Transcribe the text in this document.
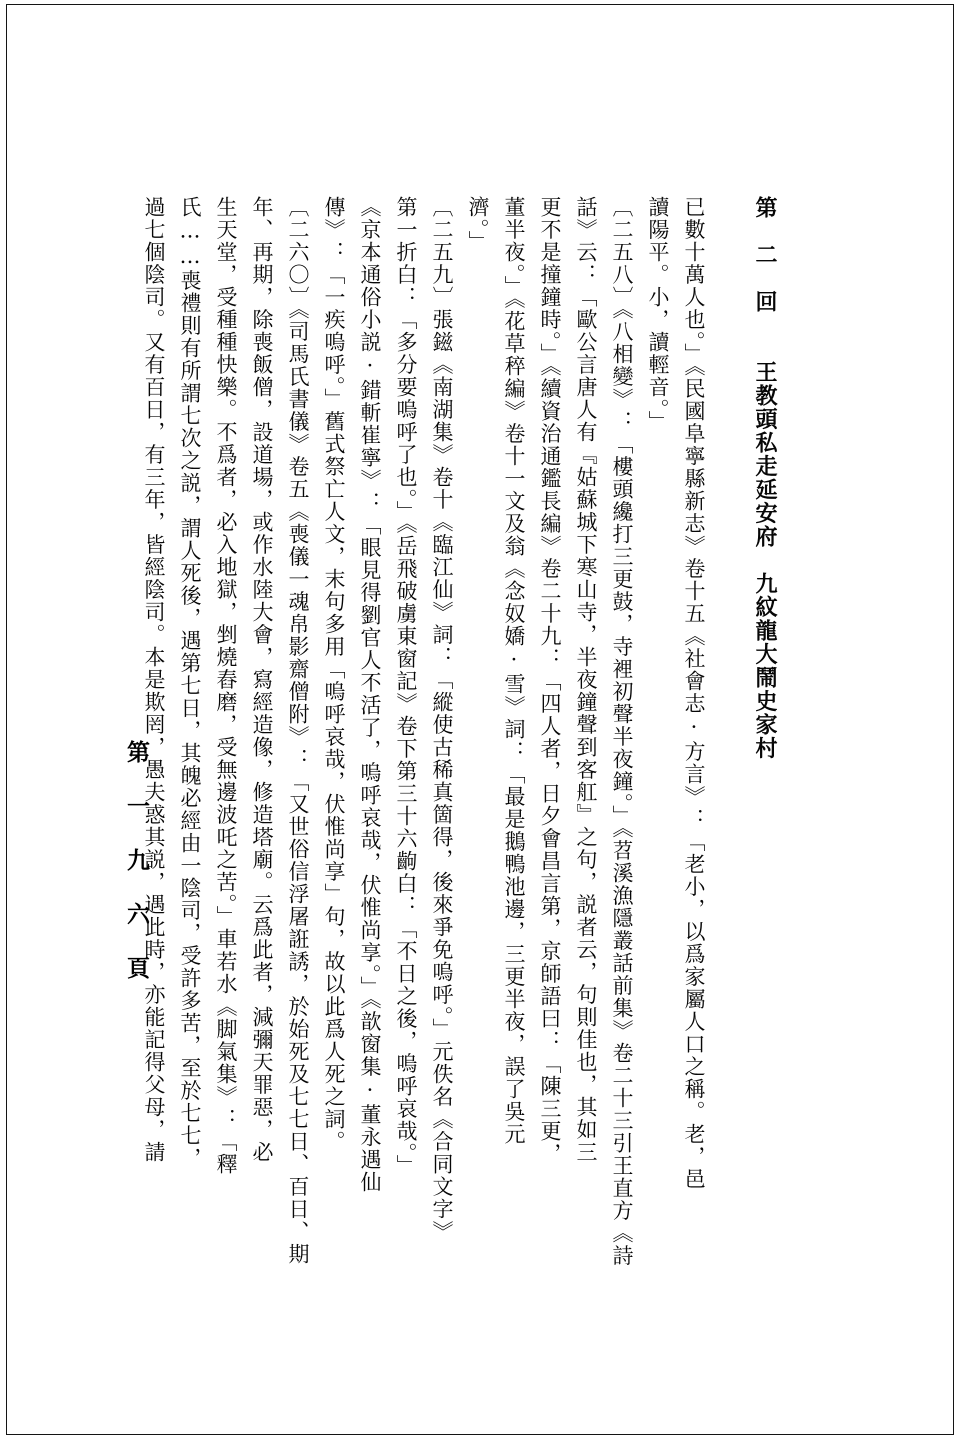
第 一 九 六 頁
過七個陰司。又有百日，有三年，皆經陰司。本是欺罔，愚夫惑其説，遇此時，亦能記得父母，請 氏……喪禮則有所謂七次之説，謂人死後，遇第七日，其魄必經由一陰司，受許多苦，至於七七， 生天堂，受種種快樂。不爲者，必入地獄，剉燒舂磨，受無邊波吒之苦。」車若水《脚氣集》：「釋 年、再期，除喪飯僧，設道場，或作水陸大會，寫經造像，修造塔廟。云爲此者，減彌天罪惡，必 〔二六〇〕《司馬氏書儀》卷五《喪儀一魂帛影齋僧附》：「又世俗信浮屠誑誘，於始死及七七日、百日、期 傳》：「一疾嗚呼。」舊式祭亡人文，末句多用「嗚呼哀哉，伏惟尚享」句，故以此爲人死之詞。 《京本通俗小説·錯斬崔寧》：「眼見得劉官人不活了，嗚呼哀哉，伏惟尚享。」《歆窗集·董永遇仙 第一折白：「多分要嗚呼了也。」《岳飛破虜東窗記》卷下第三十六齣白：「不日之後，嗚呼哀哉。」 〔二五九〕張鎡《南湖集》卷十《臨江仙》詞：「縱使古稀真箇得，後來爭免嗚呼。」元佚名《合同文字》 濟。」 董半夜。」《花草稡編》卷十一文及翁《念奴嬌·雪》詞：「最是鵝鴨池邊，三更半夜，誤了吳元 更不是撞鐘時。」《續資治通鑑長編》卷二十九：「四人者，日夕會昌言第，京師語曰：「陳三更， 話》云：「歐公言唐人有『姑蘇城下寒山寺，半夜鐘聲到客舡』之句，説者云，句則佳也，其如三 〔二五八〕《八相變》：「樓頭纔打三更鼓，寺裡初聲半夜鐘。」《苕溪漁隱叢話前集》卷二十三引王直方《詩 讀陽平。小，讀輕音。」 已數十萬人也。」《民國阜寧縣新志》卷十五《社會志·方言》：「老小，以爲家屬人口之稱。老，邑	第　二　回　　王教頭私走延安府　九紋龍大鬧史家村
